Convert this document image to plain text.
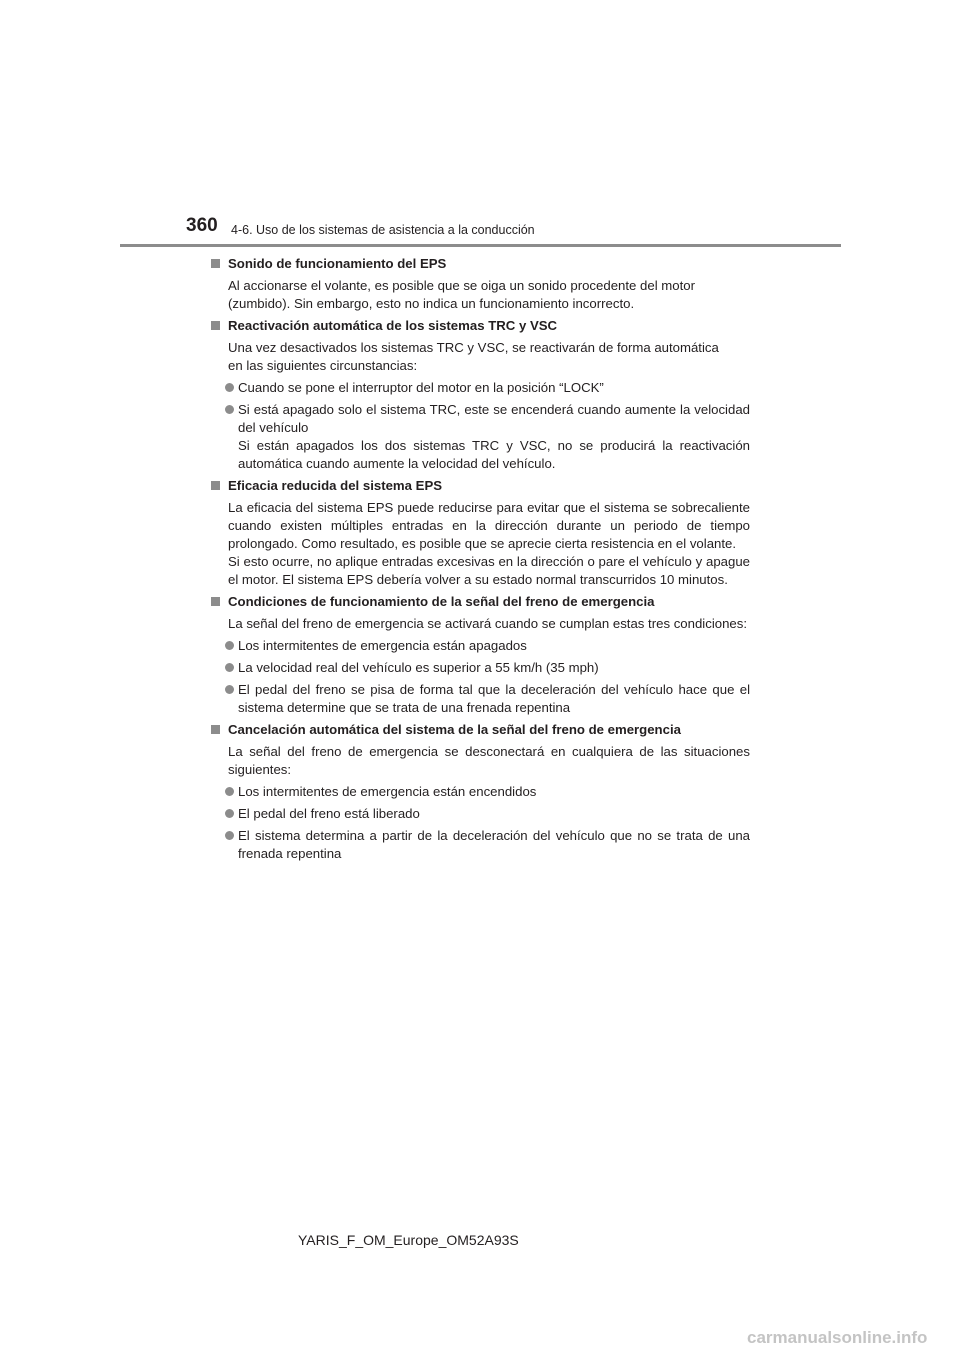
360 4-6. Uso de los sistemas de asistencia a la conducción
Sonido de funcionamiento del EPS
Al accionarse el volante, es posible que se oiga un sonido procedente del motor
(zumbido). Sin embargo, esto no indica un funcionamiento incorrecto.
Reactivación automática de los sistemas TRC y VSC
Una vez desactivados los sistemas TRC y VSC, se reactivarán de forma automática
en las siguientes circunstancias:
Cuando se pone el interruptor del motor en la posición “LOCK”
Si está apagado solo el sistema TRC, este se encenderá cuando aumente la velocidad del vehículo
Si están apagados los dos sistemas TRC y VSC, no se producirá la reactivación automática cuando aumente la velocidad del vehículo.
Eficacia reducida del sistema EPS
La eficacia del sistema EPS puede reducirse para evitar que el sistema se sobrecaliente cuando existen múltiples entradas en la dirección durante un periodo de tiempo prolongado. Como resultado, es posible que se aprecie cierta resistencia en el volante.
Si esto ocurre, no aplique entradas excesivas en la dirección o pare el vehículo y apague el motor. El sistema EPS debería volver a su estado normal transcurridos 10 minutos.
Condiciones de funcionamiento de la señal del freno de emergencia
La señal del freno de emergencia se activará cuando se cumplan estas tres condiciones:
Los intermitentes de emergencia están apagados
La velocidad real del vehículo es superior a 55 km/h (35 mph)
El pedal del freno se pisa de forma tal que la deceleración del vehículo hace que el sistema determine que se trata de una frenada repentina
Cancelación automática del sistema de la señal del freno de emergencia
La señal del freno de emergencia se desconectará en cualquiera de las situaciones siguientes:
Los intermitentes de emergencia están encendidos
El pedal del freno está liberado
El sistema determina a partir de la deceleración del vehículo que no se trata de una frenada repentina
YARIS_F_OM_Europe_OM52A93S
carmanualsonline.info
